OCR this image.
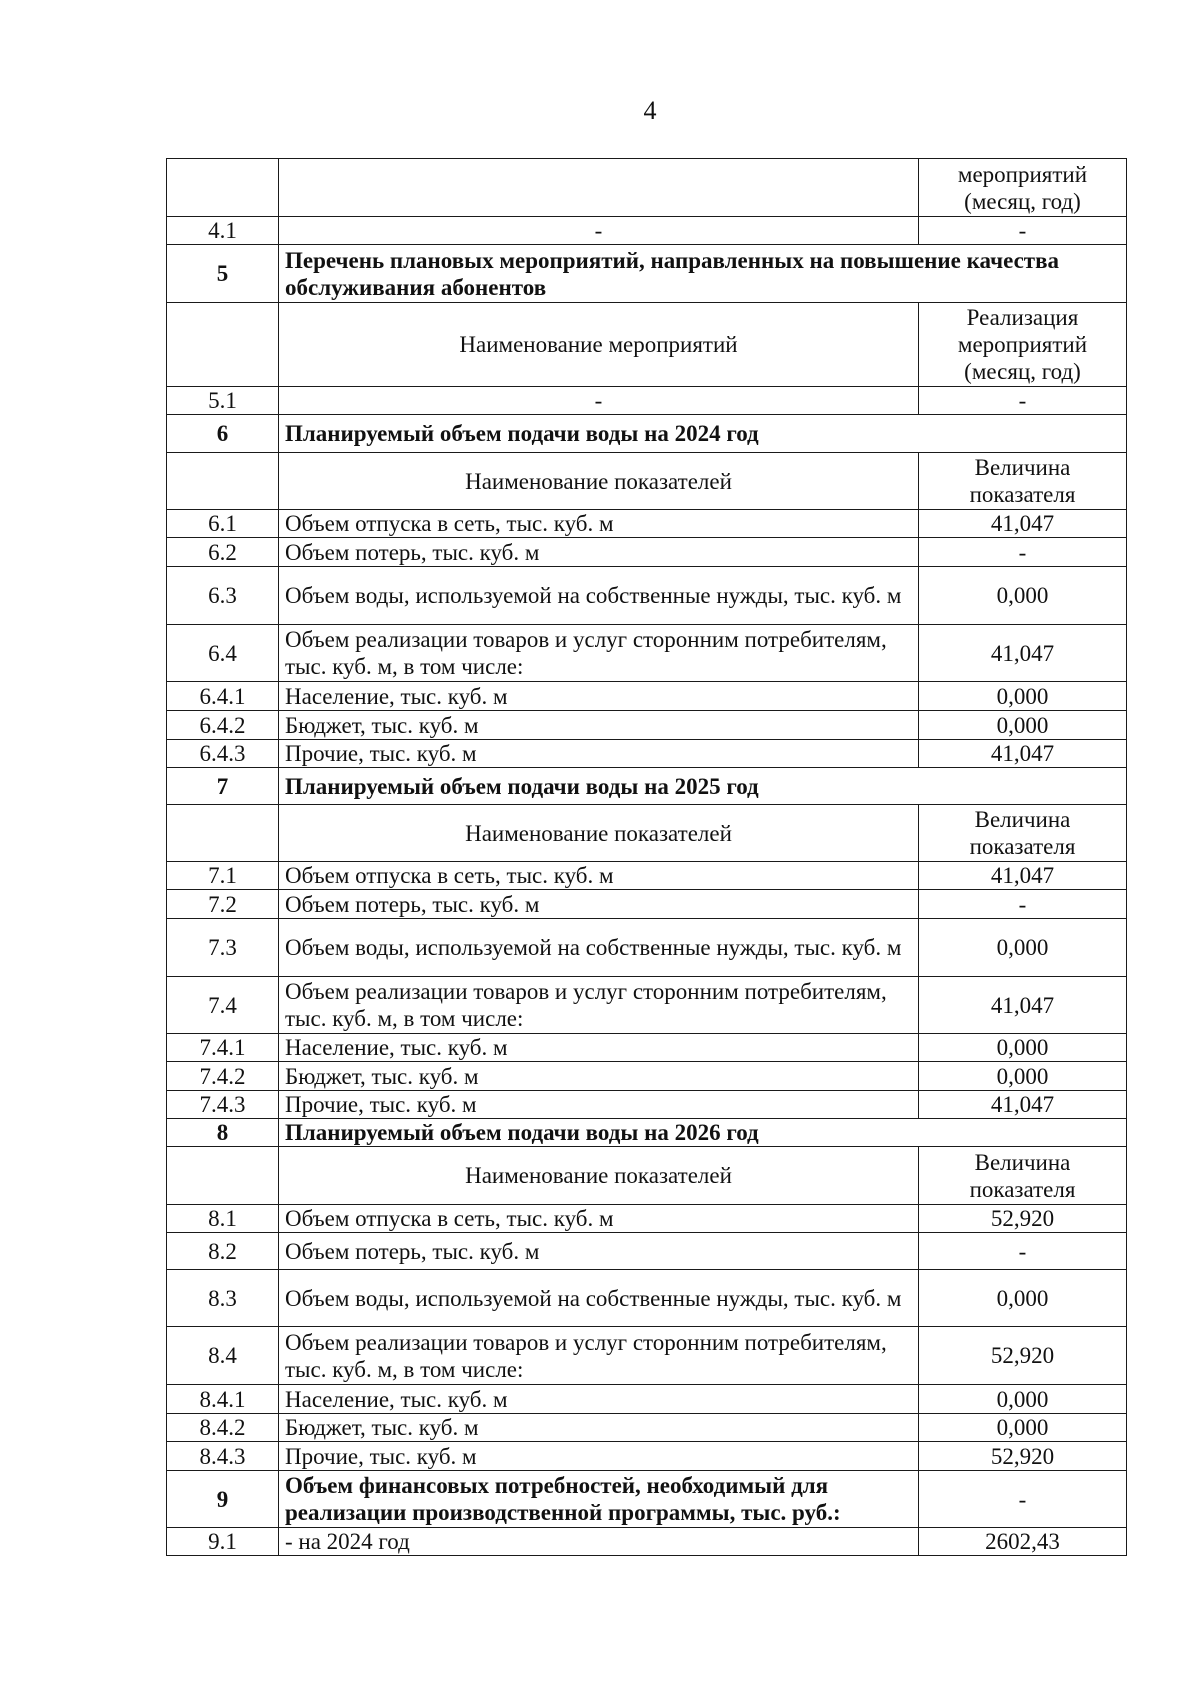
4
		мероприятий (месяц, год)
4.1	-	-
5	Перечень плановых мероприятий, направленных на повышение качества обслуживания абонентов	
	Наименование мероприятий	Реализация мероприятий (месяц, год)
5.1	-	-
6	Планируемый объем подачи воды на 2024 год	
	Наименование показателей	Величина показателя
6.1	Объем отпуска в сеть, тыс. куб. м	41,047
6.2	Объем потерь, тыс. куб. м	-
6.3	Объем воды, используемой на собственные нужды, тыс. куб. м	0,000
6.4	Объем реализации товаров и услуг сторонним потребителям, тыс. куб. м, в том числе:	41,047
6.4.1	Население, тыс. куб. м	0,000
6.4.2	Бюджет, тыс. куб. м	0,000
6.4.3	Прочие, тыс. куб. м	41,047
7	Планируемый объем подачи воды на 2025 год	
	Наименование показателей	Величина показателя
7.1	Объем отпуска в сеть, тыс. куб. м	41,047
7.2	Объем потерь, тыс. куб. м	-
7.3	Объем воды, используемой на собственные нужды, тыс. куб. м	0,000
7.4	Объем реализации товаров и услуг сторонним потребителям, тыс. куб. м, в том числе:	41,047
7.4.1	Население, тыс. куб. м	0,000
7.4.2	Бюджет, тыс. куб. м	0,000
7.4.3	Прочие, тыс. куб. м	41,047
8	Планируемый объем подачи воды на 2026 год	
	Наименование показателей	Величина показателя
8.1	Объем отпуска в сеть, тыс. куб. м	52,920
8.2	Объем потерь, тыс. куб. м	-
8.3	Объем воды, используемой на собственные нужды, тыс. куб. м	0,000
8.4	Объем реализации товаров и услуг сторонним потребителям, тыс. куб. м, в том числе:	52,920
8.4.1	Население, тыс. куб. м	0,000
8.4.2	Бюджет, тыс. куб. м	0,000
8.4.3	Прочие, тыс. куб. м	52,920
9	Объем финансовых потребностей, необходимый для реализации производственной программы, тыс. руб.:	-
9.1	- на 2024 год	2602,43
